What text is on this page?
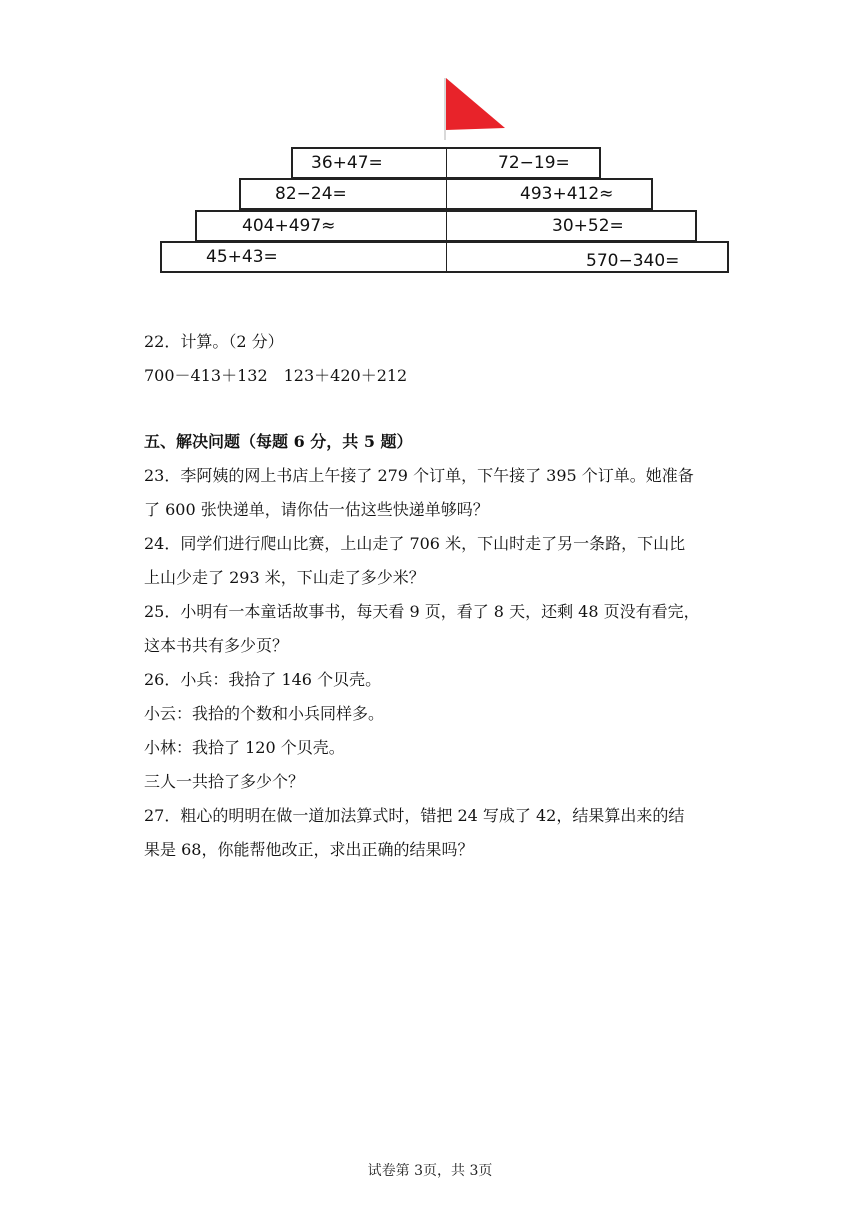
36+47=	72−19=
82−24=	493+412≈
404+497≈	30+52=
45+43=	570−340=
22．计算。（2 分）
700－413＋132　123＋420＋212
五、解决问题（每题 6 分，共 5 题）
23．李阿姨的网上书店上午接了 279 个订单，下午接了 395 个订单。她准备
了 600 张快递单，请你估一估这些快递单够吗？
24．同学们进行爬山比赛，上山走了 706 米，下山时走了另一条路，下山比
上山少走了 293 米，下山走了多少米？
25．小明有一本童话故事书，每天看 9 页，看了 8 天，还剩 48 页没有看完，
这本书共有多少页？
26．小兵：我拾了 146 个贝壳。
小云：我拾的个数和小兵同样多。
小林：我拾了 120 个贝壳。
三人一共拾了多少个？
27．粗心的明明在做一道加法算式时，错把 24 写成了 42，结果算出来的结
果是 68，你能帮他改正，求出正确的结果吗？
试卷第 3页，共 3页
